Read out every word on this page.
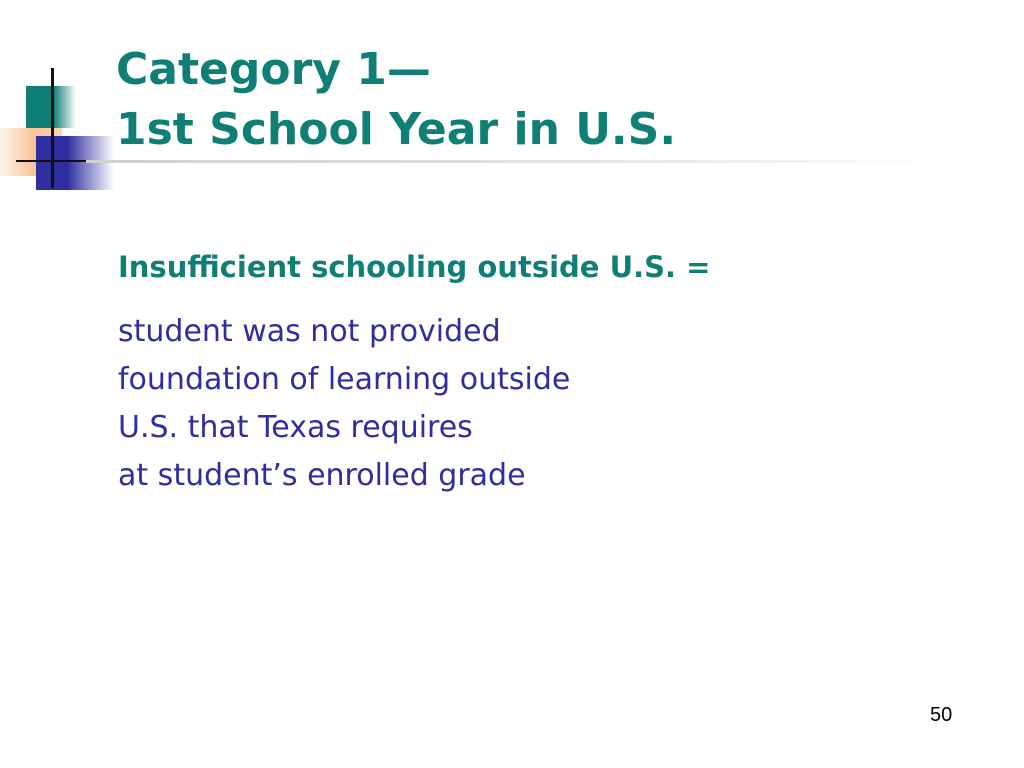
Category 1—
1st School Year in U.S.
Insufficient schooling outside U.S. =
student was not provided
foundation of learning outside
U.S. that Texas requires
at student’s enrolled grade
50
